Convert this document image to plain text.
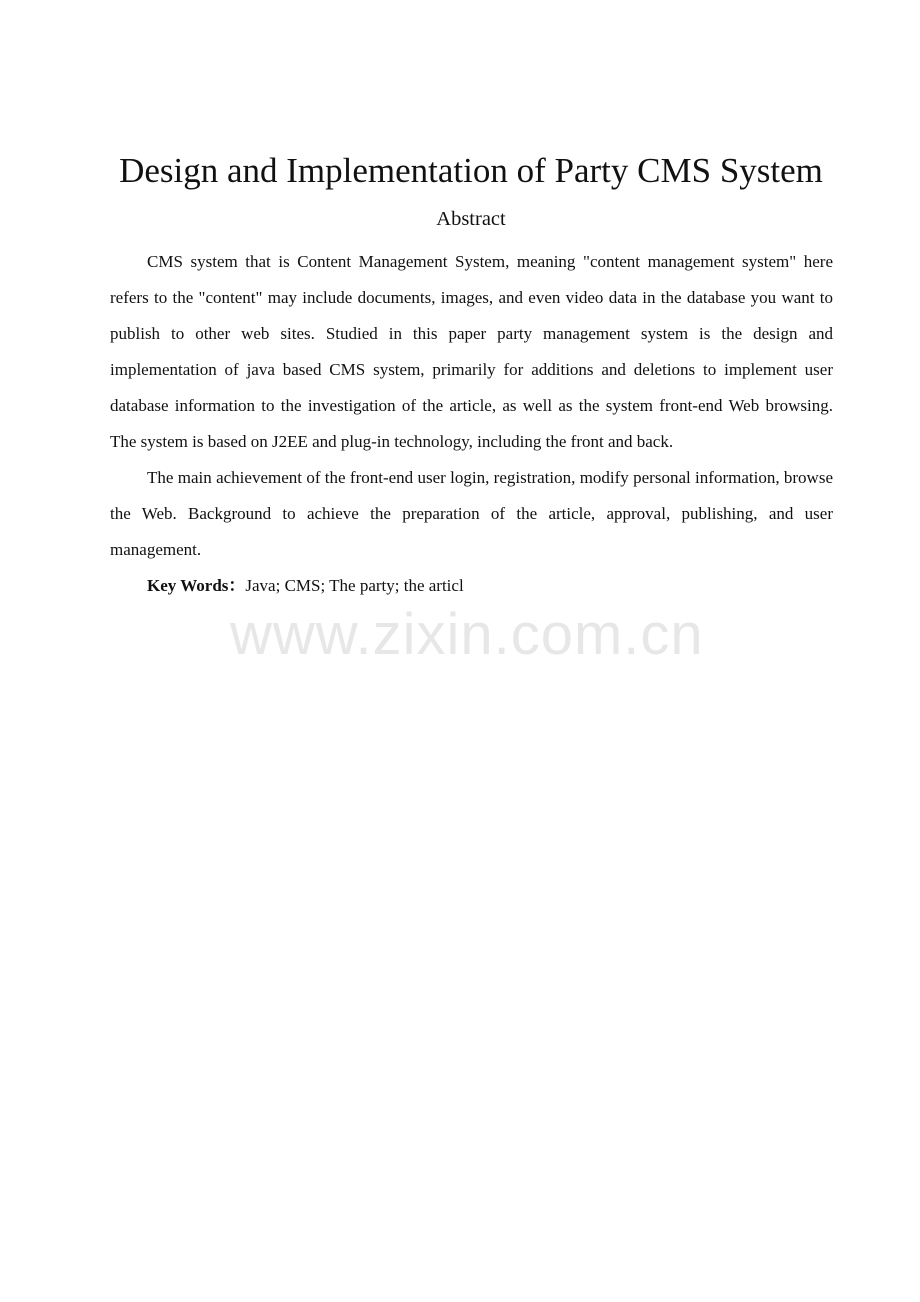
Design and Implementation of Party CMS System
Abstract

CMS system that is Content Management System, meaning "content management system" here refers to the "content" may include documents, images, and even video data in the database you want to publish to other web sites. Studied in this paper party management system is the design and implementation of java based CMS system, primarily for additions and deletions to implement user database information to the investigation of the article, as well as the system front-end Web browsing. The system is based on J2EE and plug-in technology, including the front and back.

The main achievement of the front-end user login, registration, modify personal information, browse the Web. Background to achieve the preparation of the article, approval, publishing, and user management.

Key Words：Java; CMS; The party; the articl

www.zixin.com.cn
